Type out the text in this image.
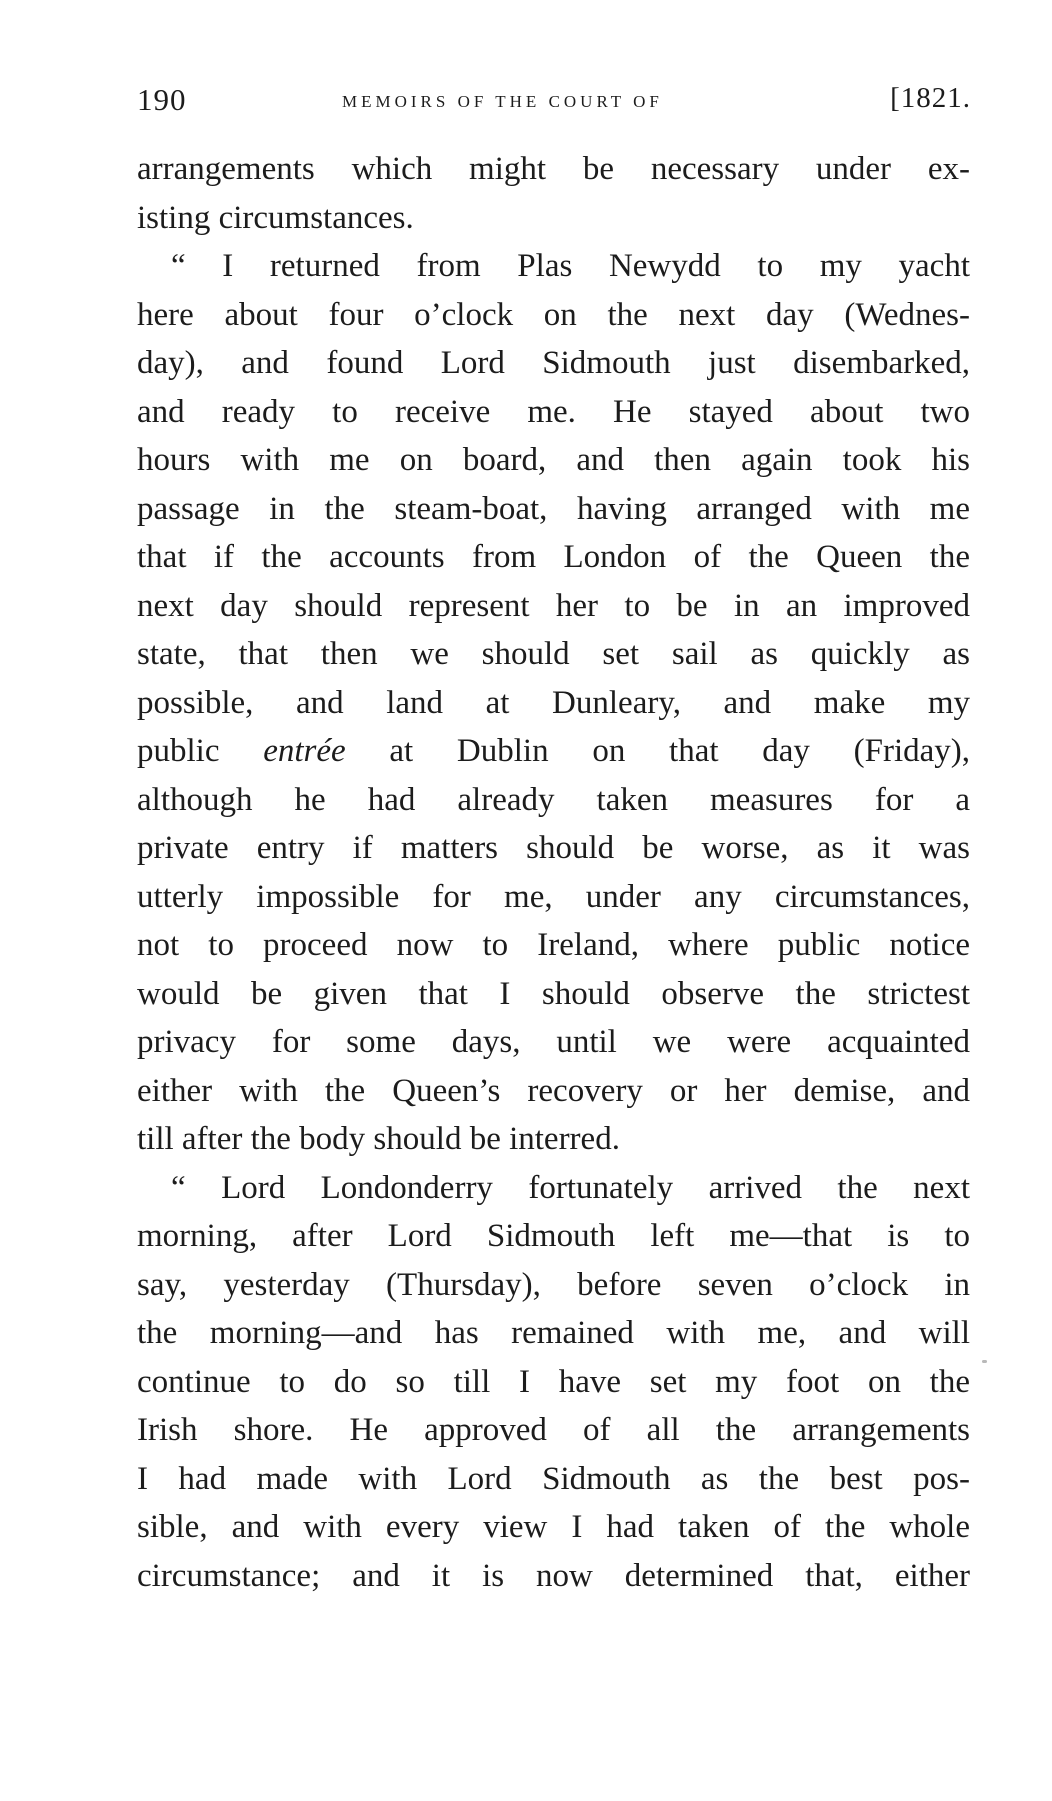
190	MEMOIRS OF THE COURT OF	[1821.
arrangements which might be necessary under ex-
isting circumstances.
“ I returned from Plas Newydd to my yacht
here about four o’clock on the next day (Wednes-
day), and found Lord Sidmouth just disembarked,
and ready to receive me. He stayed about two
hours with me on board, and then again took his
passage in the steam-boat, having arranged with me
that if the accounts from London of the Queen the
next day should represent her to be in an improved
state, that then we should set sail as quickly as
possible, and land at Dunleary, and make my
public entrée at Dublin on that day (Friday),
although he had already taken measures for a
private entry if matters should be worse, as it was
utterly impossible for me, under any circumstances,
not to proceed now to Ireland, where public notice
would be given that I should observe the strictest
privacy for some days, until we were acquainted
either with the Queen’s recovery or her demise, and
till after the body should be interred.
“ Lord Londonderry fortunately arrived the next
morning, after Lord Sidmouth left me—that is to
say, yesterday (Thursday), before seven o’clock in
the morning—and has remained with me, and will
continue to do so till I have set my foot on the
Irish shore. He approved of all the arrangements
I had made with Lord Sidmouth as the best pos-
sible, and with every view I had taken of the whole
circumstance; and it is now determined that, either
